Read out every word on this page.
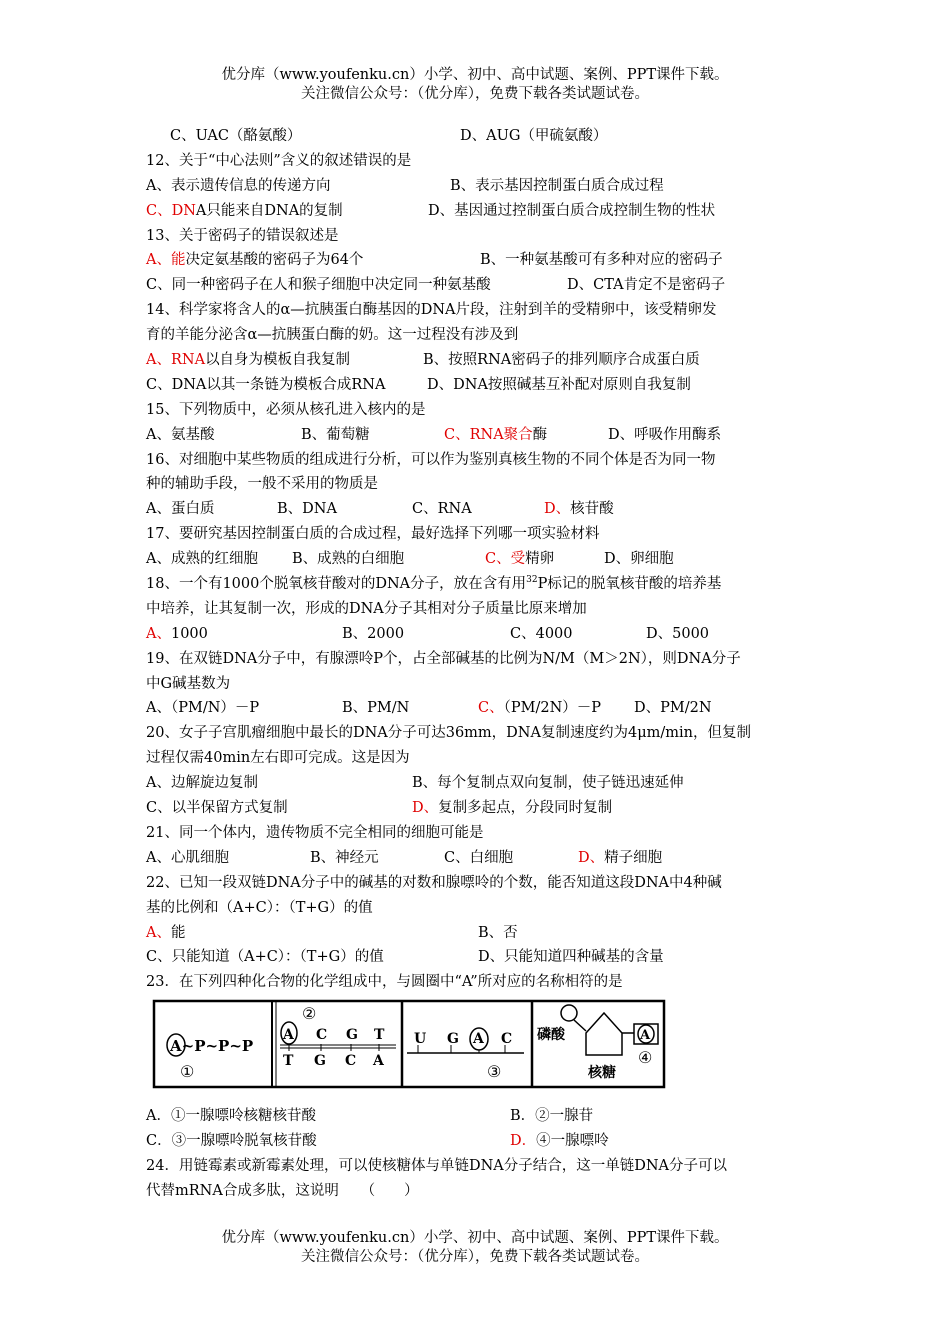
优分库（www.youfenku.cn）小学、初中、高中试题、案例、PPT课件下载。
关注微信公众号：（优分库），免费下载各类试题试卷。
C、UAC（酪氨酸）	D、AUG（甲硫氨酸）
12、关于“中心法则”含义的叙述错误的是
A、表示遗传信息的传递方向	B、表示基因控制蛋白质合成过程
C、DNA只能来自DNA的复制	D、基因通过控制蛋白质合成控制生物的性状
13、关于密码子的错误叙述是
A、能决定氨基酸的密码子为64个	B、一种氨基酸可有多种对应的密码子
C、同一种密码子在人和猴子细胞中决定同一种氨基酸	D、CTA肯定不是密码子
14、科学家将含人的α—抗胰蛋白酶基因的DNA片段，注射到羊的受精卵中，该受精卵发
育的羊能分泌含α—抗胰蛋白酶的奶。这一过程没有涉及到
A、RNA以自身为模板自我复制	B、按照RNA密码子的排列顺序合成蛋白质
C、DNA以其一条链为模板合成RNA	D、DNA按照碱基互补配对原则自我复制
15、下列物质中，必须从核孔进入核内的是
A、氨基酸	B、葡萄糖	C、RNA聚合酶	D、呼吸作用酶系
16、对细胞中某些物质的组成进行分析，可以作为鉴别真核生物的不同个体是否为同一物
种的辅助手段，一般不采用的物质是
A、蛋白质	B、DNA	C、RNA	D、核苷酸
17、要研究基因控制蛋白质的合成过程，最好选择下列哪一项实验材料
A、成熟的红细胞 B、成熟的白细胞	C、受精卵	D、卵细胞
18、一个有1000个脱氧核苷酸对的DNA分子，放在含有用$^{32}$P标记的脱氧核苷酸的培养基
中培养，让其复制一次，形成的DNA分子其相对分子质量比原来增加
A、1000	B、2000	C、4000	D、5000
19、在双链DNA分子中，有腺漂呤P个，占全部碱基的比例为N/M（M＞2N），则DNA分子
中G碱基数为
A、（PM/N）－P	B、PM/N	C、（PM/2N）－P D、PM/2N
20、女子子宫肌瘤细胞中最长的DNA分子可达36mm，DNA复制速度约为4μm/min，但复制
过程仅需40min左右即可完成。这是因为
A、边解旋边复制	B、每个复制点双向复制，使子链迅速延伸
C、以半保留方式复制	D、复制多起点，分段同时复制
21、同一个体内，遗传物质不完全相同的细胞可能是
A、心肌细胞	B、神经元	C、白细胞	D、精子细胞
22、已知一段双链DNA分子中的碱基的对数和腺嘌呤的个数，能否知道这段DNA中4种碱
基的比例和（A+C）：（T+G）的值
A、能	B、否
C、只能知道（A+C）：（T+G）的值	D、只能知道四种碱基的含量
23．在下列四种化合物的化学组成中，与圆圈中“A”所对应的名称相符的是
A~P~P~P
①
②
A C G T
T G C A
U G A C
③
磷酸	A
④
核糖
A．①一腺嘌呤核糖核苷酸	B．②一腺苷
C．③一腺嘌呤脱氧核苷酸	D．④一腺嘌呤
24．用链霉素或新霉素处理，可以使核糖体与单链DNA分子结合，这一单链DNA分子可以
代替mRNA合成多肽，这说明　　（　　）
优分库（www.youfenku.cn）小学、初中、高中试题、案例、PPT课件下载。
关注微信公众号：（优分库），免费下载各类试题试卷。
